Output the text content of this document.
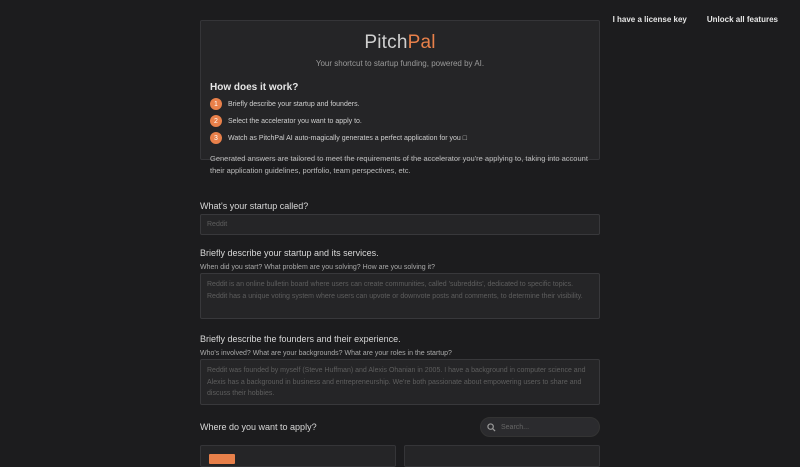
I have a license key	Unlock all features
PitchPal
Your shortcut to startup funding, powered by AI.
How does it work?
1	Briefly describe your startup and founders.
2	Select the accelerator you want to apply to.
3	Watch as PitchPal AI auto-magically generates a perfect application for you □
Generated answers are tailored to meet the requirements of the accelerator you're applying to, taking into account their application guidelines, portfolio, team perspectives, etc.
What's your startup called?
Reddit
Briefly describe your startup and its services.
When did you start? What problem are you solving? How are you solving it?
Reddit is an online bulletin board where users can create communities, called 'subreddits', dedicated to specific topics. Reddit has a unique voting system where users can upvote or downvote posts and comments, to determine their visibility.
Briefly describe the founders and their experience.
Who's involved? What are your backgrounds? What are your roles in the startup?
Reddit was founded by myself (Steve Huffman) and Alexis Ohanian in 2005. I have a background in computer science and Alexis has a background in business and entrepreneurship. We're both passionate about empowering users to share and discuss their hobbies.
Where do you want to apply?	Search...
